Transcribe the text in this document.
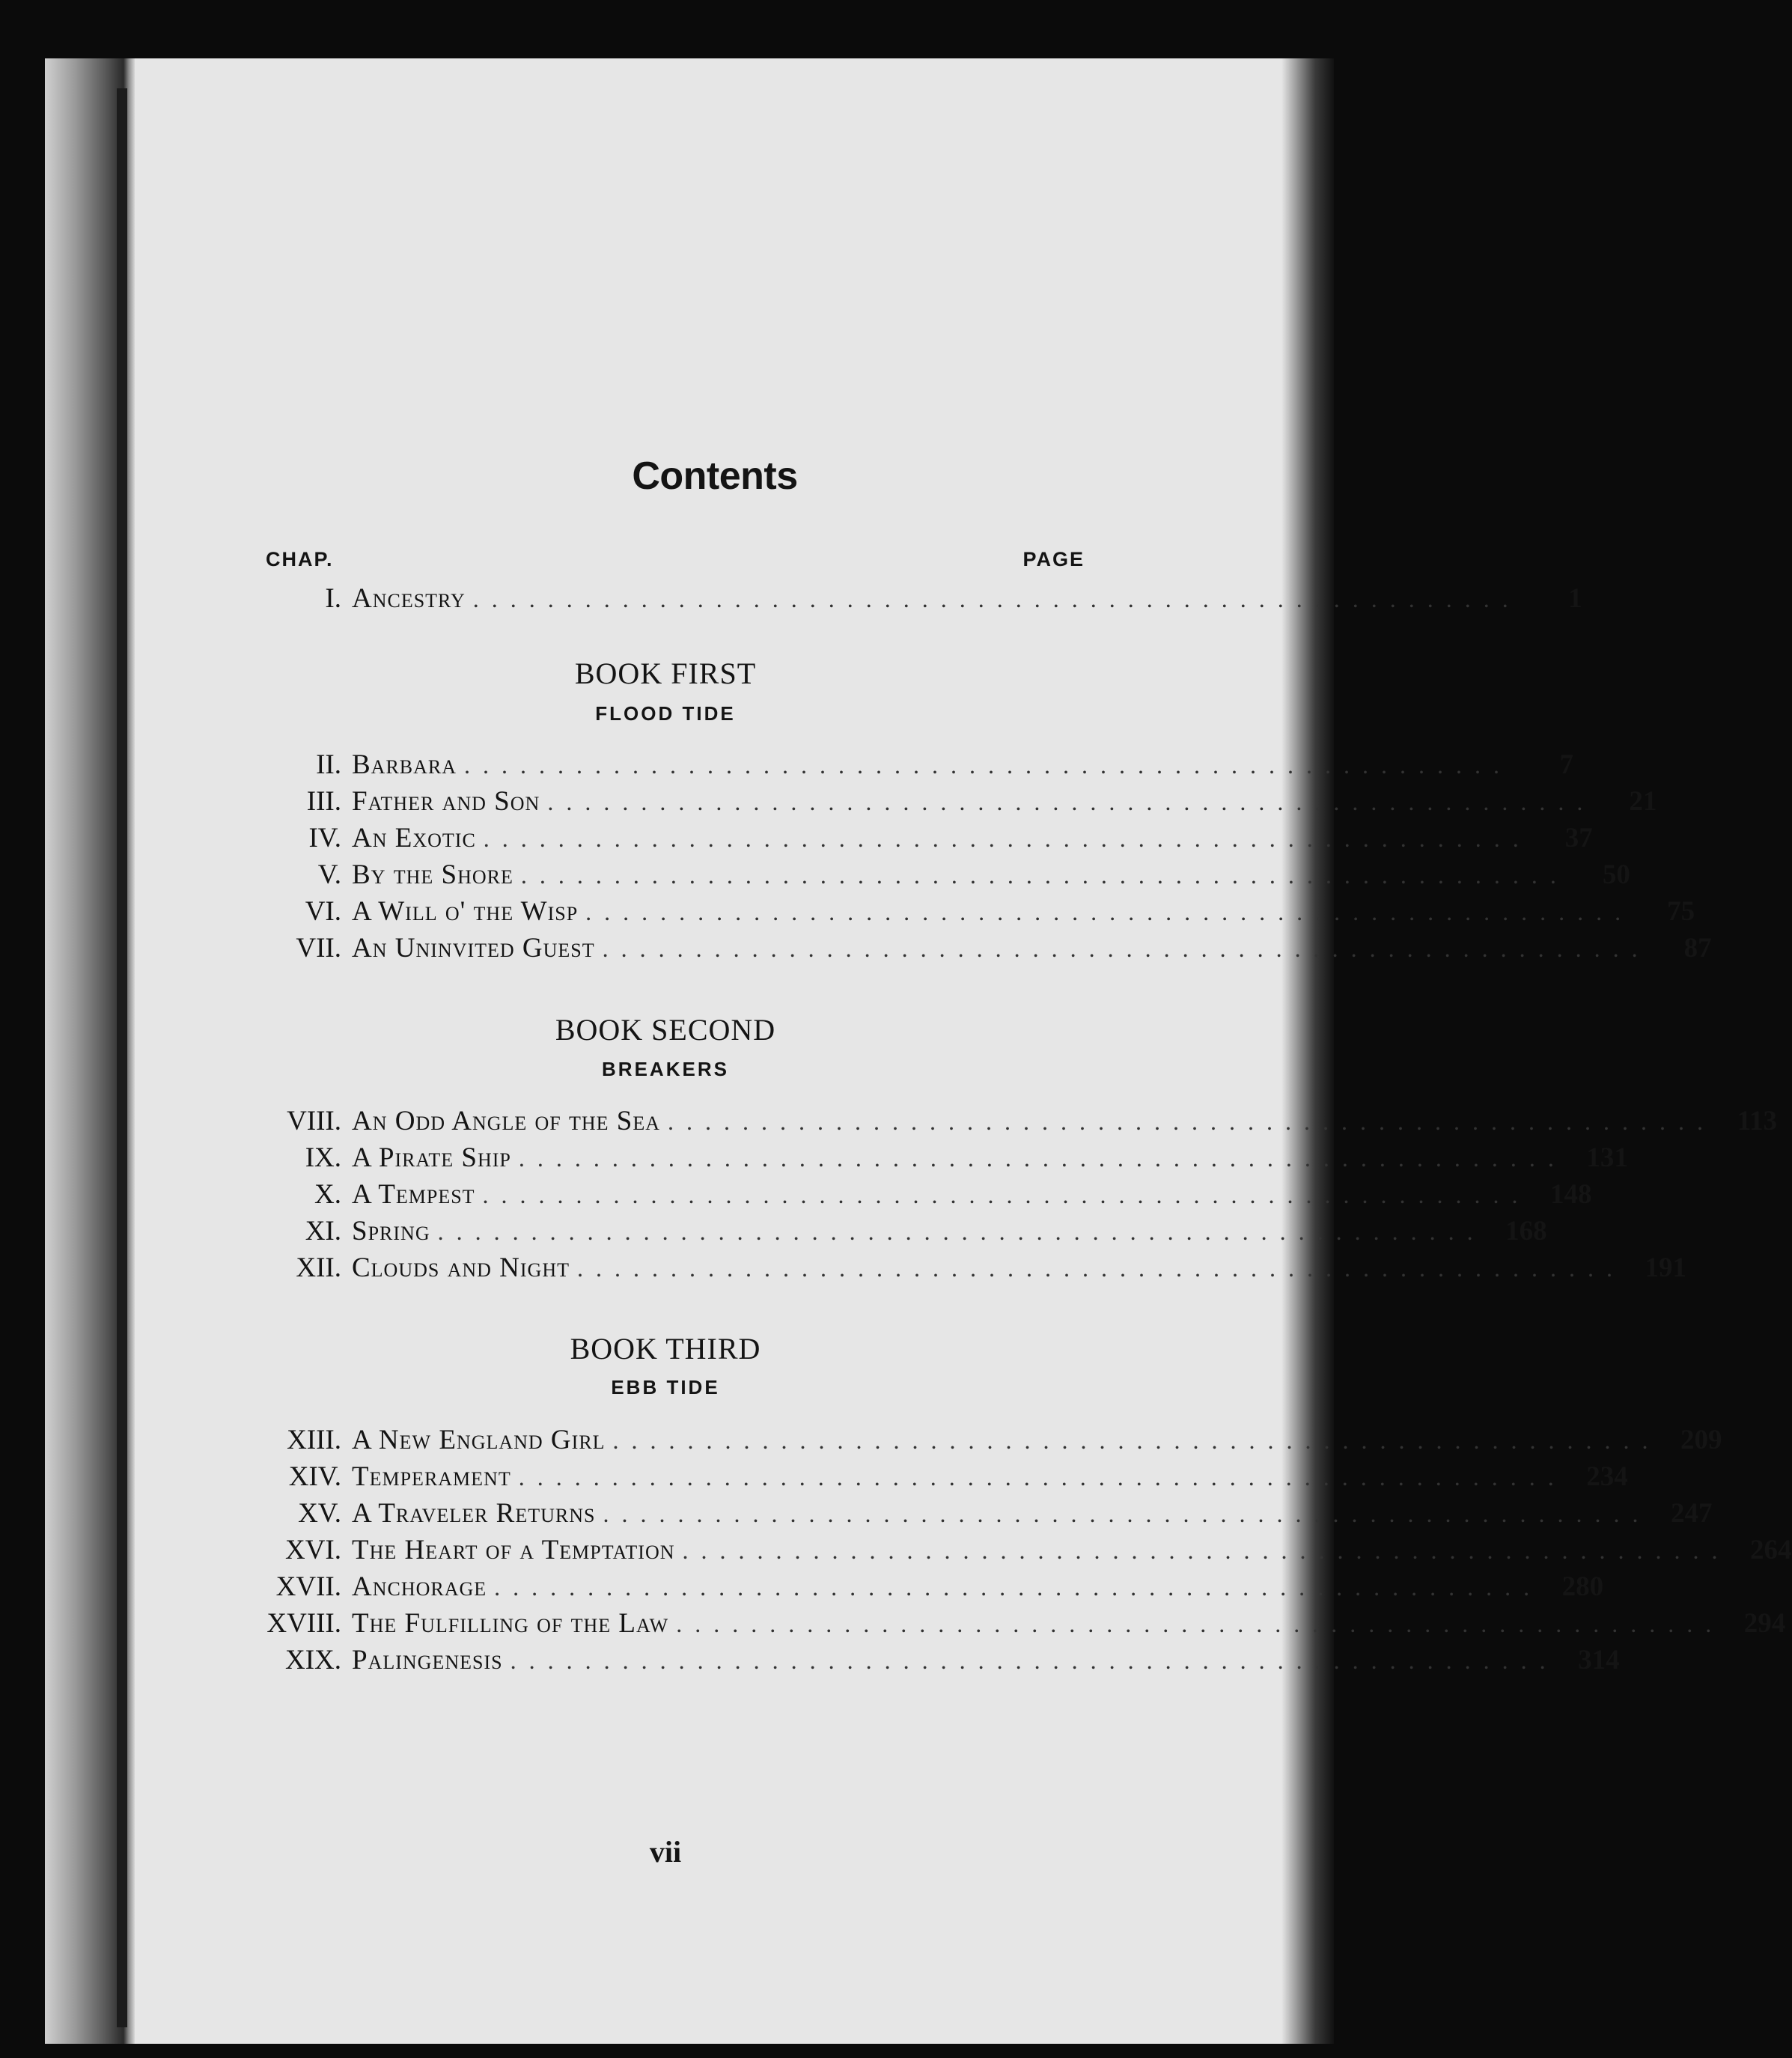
Contents
CHAP.	PAGE
I. Ancestry ........................................................	1
BOOK FIRST
FLOOD TIDE
II. Barbara ........................................................	7
III. Father and Son ........................................................	21
IV. An Exotic ........................................................	37
V. By the Shore ........................................................	50
VI. A Will o' the Wisp ........................................................	75
VII. An Uninvited Guest ........................................................	87
BOOK SECOND
BREAKERS
VIII. An Odd Angle of the Sea ........................................................ 113
IX. A Pirate Ship ........................................................ 131
X. A Tempest ........................................................ 148
XI. Spring ........................................................ 168
XII. Clouds and Night ........................................................ 191
BOOK THIRD
EBB TIDE
XIII. A New England Girl ........................................................ 209
XIV. Temperament ........................................................ 234
XV. A Traveler Returns ........................................................ 247
XVI. The Heart of a Temptation ........................................................ 264
XVII. Anchorage ........................................................ 280
XVIII. The Fulfilling of the Law ........................................................ 294
XIX. Palingenesis ........................................................ 314
vii
